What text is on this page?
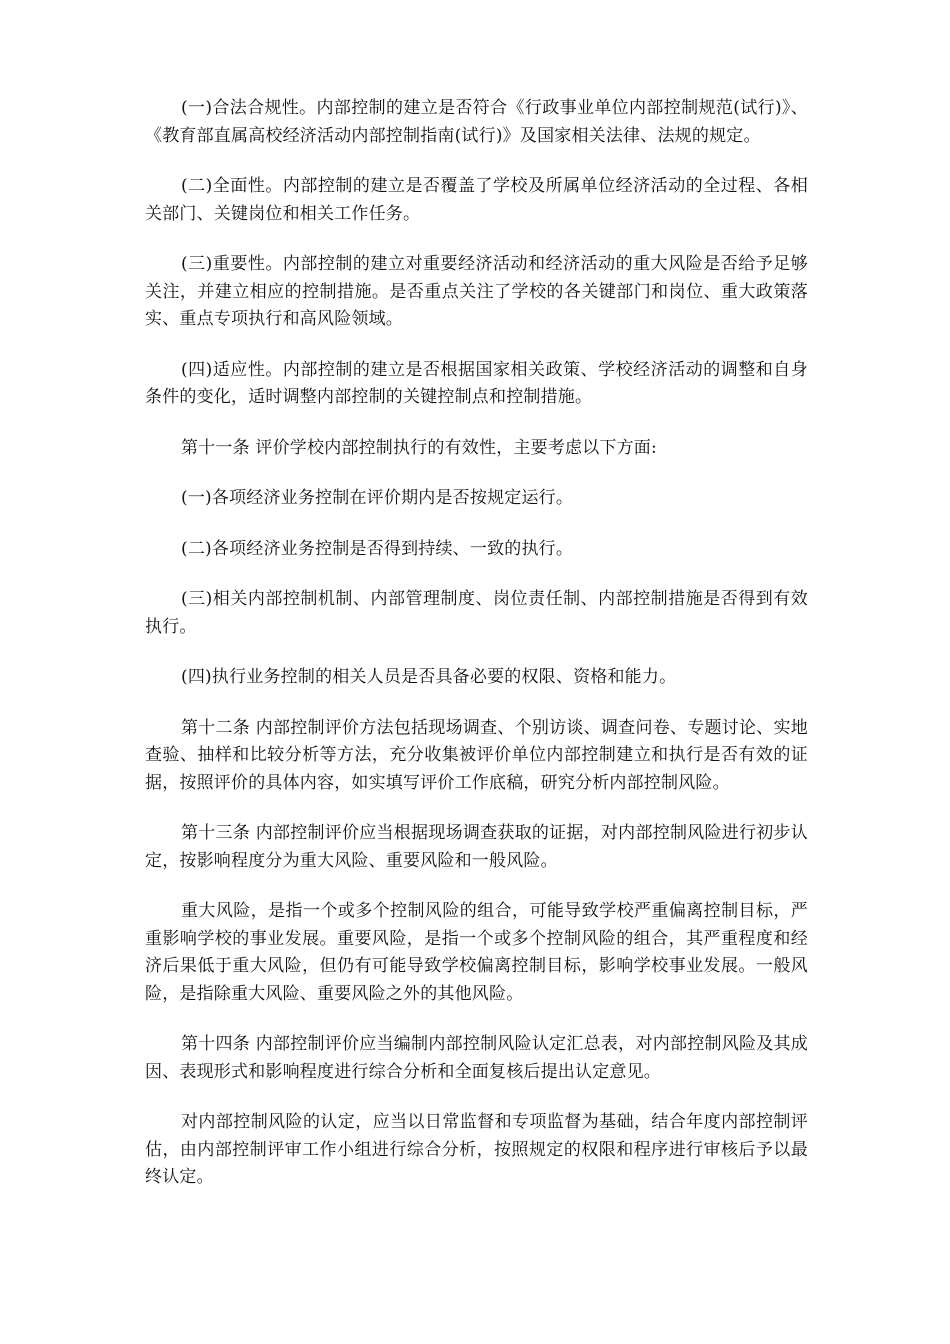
(一)合法合规性。内部控制的建立是否符合《行政事业单位内部控制规范(试行)》、《教育部直属高校经济活动内部控制指南(试行)》及国家相关法律、法规的规定。

(二)全面性。内部控制的建立是否覆盖了学校及所属单位经济活动的全过程、各相关部门、关键岗位和相关工作任务。

(三)重要性。内部控制的建立对重要经济活动和经济活动的重大风险是否给予足够关注，并建立相应的控制措施。是否重点关注了学校的各关键部门和岗位、重大政策落实、重点专项执行和高风险领域。

(四)适应性。内部控制的建立是否根据国家相关政策、学校经济活动的调整和自身条件的变化，适时调整内部控制的关键控制点和控制措施。

第十一条 评价学校内部控制执行的有效性，主要考虑以下方面:

(一)各项经济业务控制在评价期内是否按规定运行。

(二)各项经济业务控制是否得到持续、一致的执行。

(三)相关内部控制机制、内部管理制度、岗位责任制、内部控制措施是否得到有效执行。

(四)执行业务控制的相关人员是否具备必要的权限、资格和能力。

第十二条 内部控制评价方法包括现场调查、个别访谈、调查问卷、专题讨论、实地查验、抽样和比较分析等方法，充分收集被评价单位内部控制建立和执行是否有效的证据，按照评价的具体内容，如实填写评价工作底稿，研究分析内部控制风险。

第十三条 内部控制评价应当根据现场调查获取的证据，对内部控制风险进行初步认定，按影响程度分为重大风险、重要风险和一般风险。

重大风险，是指一个或多个控制风险的组合，可能导致学校严重偏离控制目标，严重影响学校的事业发展。重要风险，是指一个或多个控制风险的组合，其严重程度和经济后果低于重大风险，但仍有可能导致学校偏离控制目标，影响学校事业发展。一般风险，是指除重大风险、重要风险之外的其他风险。

第十四条 内部控制评价应当编制内部控制风险认定汇总表，对内部控制风险及其成因、表现形式和影响程度进行综合分析和全面复核后提出认定意见。

对内部控制风险的认定，应当以日常监督和专项监督为基础，结合年度内部控制评估，由内部控制评审工作小组进行综合分析，按照规定的权限和程序进行审核后予以最终认定。
